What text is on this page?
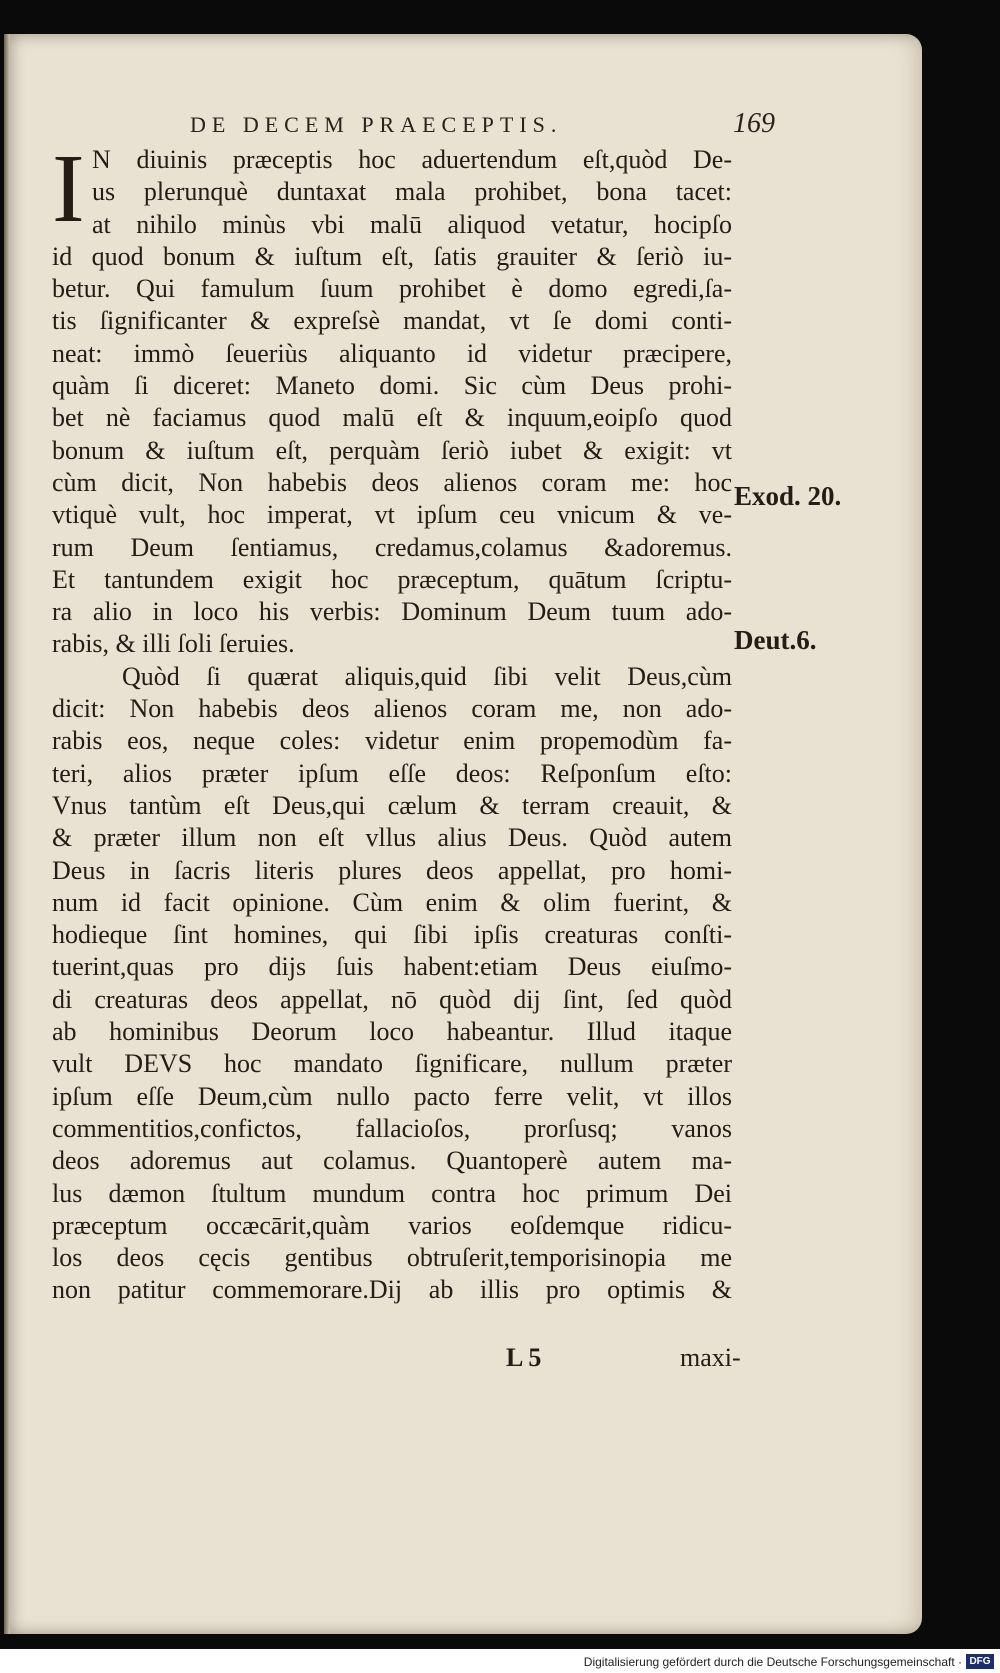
DE DECEM PRAECEPTIS.	169
I N diuinis præceptis hoc aduertendum eſt,quòd De-
us plerunquè duntaxat mala prohibet, bona tacet:
at nihilo minùs vbi malū aliquod vetatur, hocipſo
id quod bonum & iuſtum eſt, ſatis grauiter & ſeriò iu-
betur. Qui famulum ſuum prohibet è domo egredi,ſa-
tis ſignificanter & expreſsè mandat, vt ſe domi conti-
neat: immò ſeueriùs aliquanto id videtur præcipere,
quàm ſi diceret: Maneto domi. Sic cùm Deus prohi-
bet nè faciamus quod malū eſt & inquum,eoipſo quod
bonum & iuſtum eſt, perquàm ſeriò iubet & exigit: vt
cùm dicit, Non habebis deos alienos coram me: hoc
vtiquè vult, hoc imperat, vt ipſum ceu vnicum & ve-
rum Deum ſentiamus, credamus,colamus &adoremus.
Et tantundem exigit hoc præceptum, quātum ſcriptu-
ra alio in loco his verbis: Dominum Deum tuum ado-
rabis, & illi ſoli ſeruies.
Quòd ſi quærat aliquis,quid ſibi velit Deus,cùm
dicit: Non habebis deos alienos coram me, non ado-
rabis eos, neque coles: videtur enim propemodùm fa-
teri, alios præter ipſum eſſe deos: Reſponſum eſto:
Vnus tantùm eſt Deus,qui cælum & terram creauit, &
& præter illum non eſt vllus alius Deus. Quòd autem
Deus in ſacris literis plures deos appellat, pro homi-
num id facit opinione. Cùm enim & olim fuerint, &
hodieque ſint homines, qui ſibi ipſis creaturas conſti-
tuerint,quas pro dijs ſuis habent:etiam Deus eiuſmo-
di creaturas deos appellat, nō quòd dij ſint, ſed quòd
ab hominibus Deorum loco habeantur. Illud itaque
vult DEVS hoc mandato ſignificare, nullum præter
ipſum eſſe Deum,cùm nullo pacto ferre velit, vt illos
commentitios,confictos, fallacioſos, prorſusq; vanos
deos adoremus aut colamus. Quantoperè autem ma-
lus dæmon ſtultum mundum contra hoc primum Dei
præceptum occæcārit,quàm varios eoſdemque ridicu-
los deos cęcis gentibus obtruſerit,temporisinopia me
non patitur commemorare.Dij ab illis pro optimis &
Exod. 20.
Deut.6.
L 5	maxi-
Digitalisierung gefördert durch die Deutsche Forschungsgemeinschaft · DFG
